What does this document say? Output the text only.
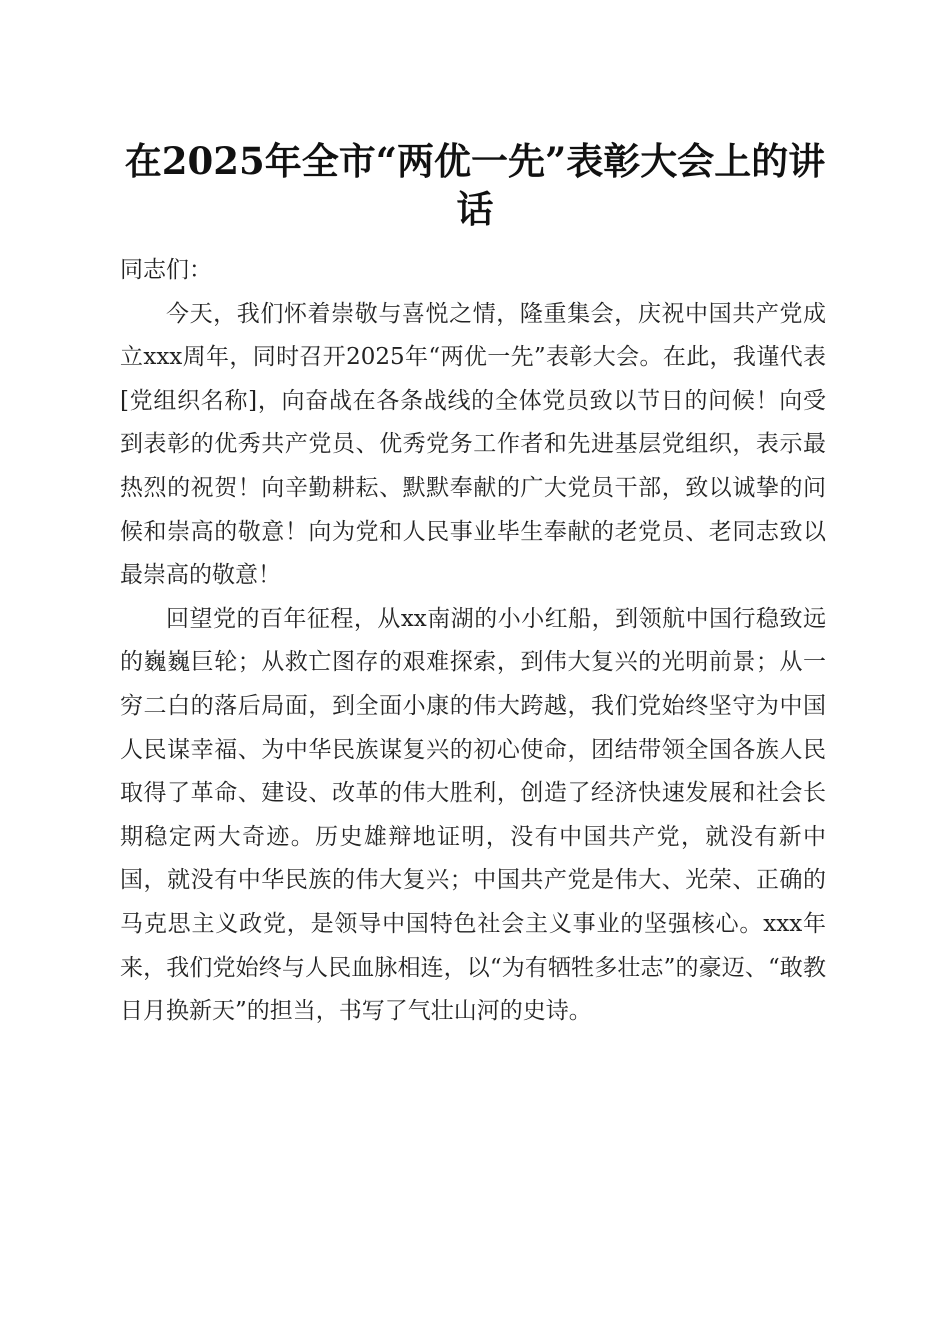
在2025年全市“两优一先”表彰大会上的讲话

同志们：

今天，我们怀着崇敬与喜悦之情，隆重集会，庆祝中国共产党成立xxx周年，同时召开2025年“两优一先”表彰大会。在此，我谨代表[党组织名称]，向奋战在各条战线的全体党员致以节日的问候！向受到表彰的优秀共产党员、优秀党务工作者和先进基层党组织，表示最热烈的祝贺！向辛勤耕耘、默默奉献的广大党员干部，致以诚挚的问候和崇高的敬意！向为党和人民事业毕生奉献的老党员、老同志致以最崇高的敬意！

回望党的百年征程，从xx南湖的小小红船，到领航中国行稳致远的巍巍巨轮；从救亡图存的艰难探索，到伟大复兴的光明前景；从一穷二白的落后局面，到全面小康的伟大跨越，我们党始终坚守为中国人民谋幸福、为中华民族谋复兴的初心使命，团结带领全国各族人民取得了革命、建设、改革的伟大胜利，创造了经济快速发展和社会长期稳定两大奇迹。历史雄辩地证明，没有中国共产党，就没有新中国，就没有中华民族的伟大复兴；中国共产党是伟大、光荣、正确的马克思主义政党，是领导中国特色社会主义事业的坚强核心。xxx年来，我们党始终与人民血脉相连，以“为有牺牲多壮志”的豪迈、“敢教日月换新天”的担当，书写了气壮山河的史诗。
